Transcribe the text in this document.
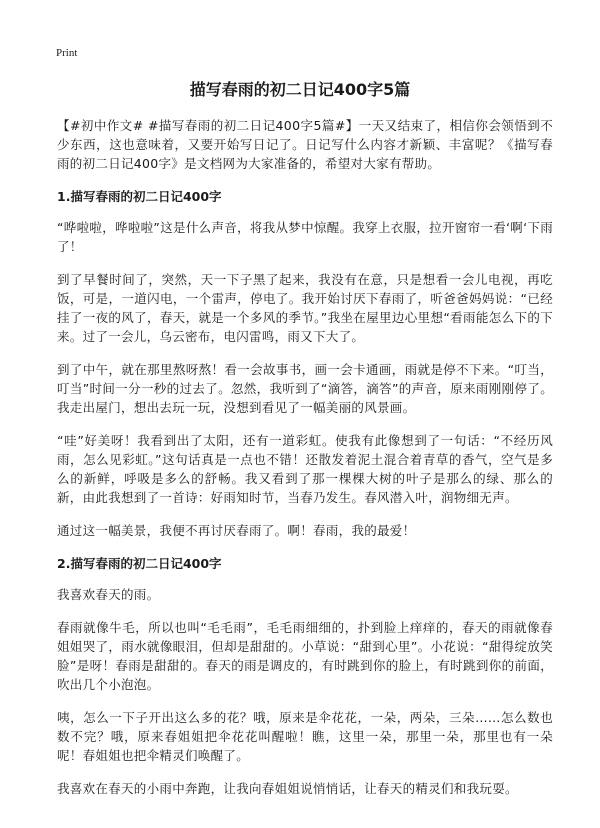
Print
描写春雨的初二日记400字5篇

【#初中作文# #描写春雨的初二日记400字5篇#】一天又结束了，相信你会领悟到不少东西，这也意味着，又要开始写日记了。日记写什么内容才新颖、丰富呢？《描写春雨的初二日记400字》是文档网为大家准备的，希望对大家有帮助。

1.描写春雨的初二日记400字

“哗啦啦，哗啦啦”这是什么声音，将我从梦中惊醒。我穿上衣服，拉开窗帘一看‘啊‘下雨了！

到了早餐时间了，突然，天一下子黑了起来，我没有在意，只是想看一会儿电视，再吃饭，可是，一道闪电，一个雷声，停电了。我开始讨厌下春雨了，听爸爸妈妈说：“已经挂了一夜的风了，春天，就是一个多风的季节。”我坐在屋里边心里想“看雨能怎么下的下来。过了一会儿，乌云密布，电闪雷鸣，雨又下大了。

到了中午，就在那里熬呀熬！看一会故事书，画一会卡通画，雨就是停不下来。“叮当，叮当”时间一分一秒的过去了。忽然，我听到了“滴答，滴答”的声音，原来雨刚刚停了。我走出屋门，想出去玩一玩，没想到看见了一幅美丽的风景画。

“哇”好美呀！我看到出了太阳，还有一道彩虹。使我有此像想到了一句话：“不经历风雨，怎么见彩虹。”这句话真是一点也不错！还散发着泥土混合着青草的香气，空气是多么的新鲜，呼吸是多么的舒畅。我又看到了那一棵棵大树的叶子是那么的绿、那么的新，由此我想到了一首诗：好雨知时节，当春乃发生。春风潜入叶，润物细无声。

通过这一幅美景，我便不再讨厌春雨了。啊！春雨，我的最爱！

2.描写春雨的初二日记400字

我喜欢春天的雨。

春雨就像牛毛，所以也叫“毛毛雨”，毛毛雨细细的，扑到脸上痒痒的，春天的雨就像春姐姐哭了，雨水就像眼泪，但却是甜甜的。小草说：“甜到心里”。小花说：“甜得绽放笑脸”是呀！春雨是甜甜的。春天的雨是调皮的，有时跳到你的脸上，有时跳到你的前面，吹出几个小泡泡。

咦，怎么一下子开出这么多的花？哦，原来是伞花花，一朵，两朵，三朵……怎么数也数不完？哦，原来春姐姐把伞花花叫醒啦！瞧，这里一朵，那里一朵，那里也有一朵呢！春姐姐也把伞精灵们唤醒了。

我喜欢在春天的小雨中奔跑，让我向春姐姐说悄悄话，让春天的精灵们和我玩耍。
